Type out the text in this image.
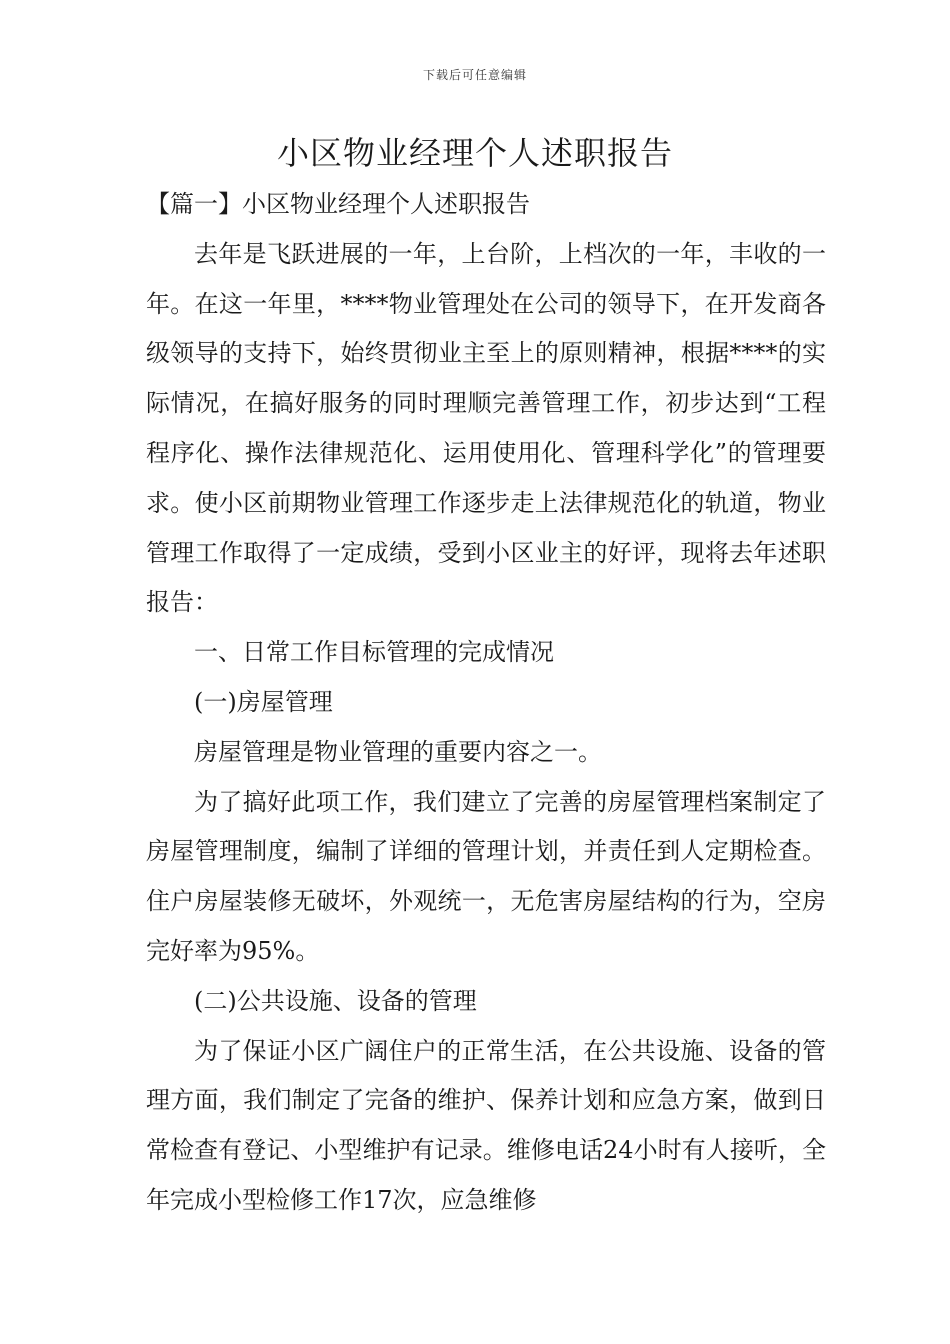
下载后可任意编辑
小区物业经理个人述职报告

【篇一】小区物业经理个人述职报告

去年是飞跃进展的一年，上台阶，上档次的一年，丰收的一年。在这一年里，****物业管理处在公司的领导下，在开发商各级领导的支持下，始终贯彻业主至上的原则精神，根据****的实际情况，在搞好服务的同时理顺完善管理工作，初步达到“工程程序化、操作法律规范化、运用使用化、管理科学化”的管理要求。使小区前期物业管理工作逐步走上法律规范化的轨道，物业管理工作取得了一定成绩，受到小区业主的好评，现将去年述职报告：

一、日常工作目标管理的完成情况

(一)房屋管理

房屋管理是物业管理的重要内容之一。

为了搞好此项工作，我们建立了完善的房屋管理档案制定了房屋管理制度，编制了详细的管理计划，并责任到人定期检查。住户房屋装修无破坏，外观统一，无危害房屋结构的行为，空房完好率为95%。

(二)公共设施、设备的管理

为了保证小区广阔住户的正常生活，在公共设施、设备的管理方面，我们制定了完备的维护、保养计划和应急方案，做到日常检查有登记、小型维护有记录。维修电话24小时有人接听，全年完成小型检修工作17次，应急维修
